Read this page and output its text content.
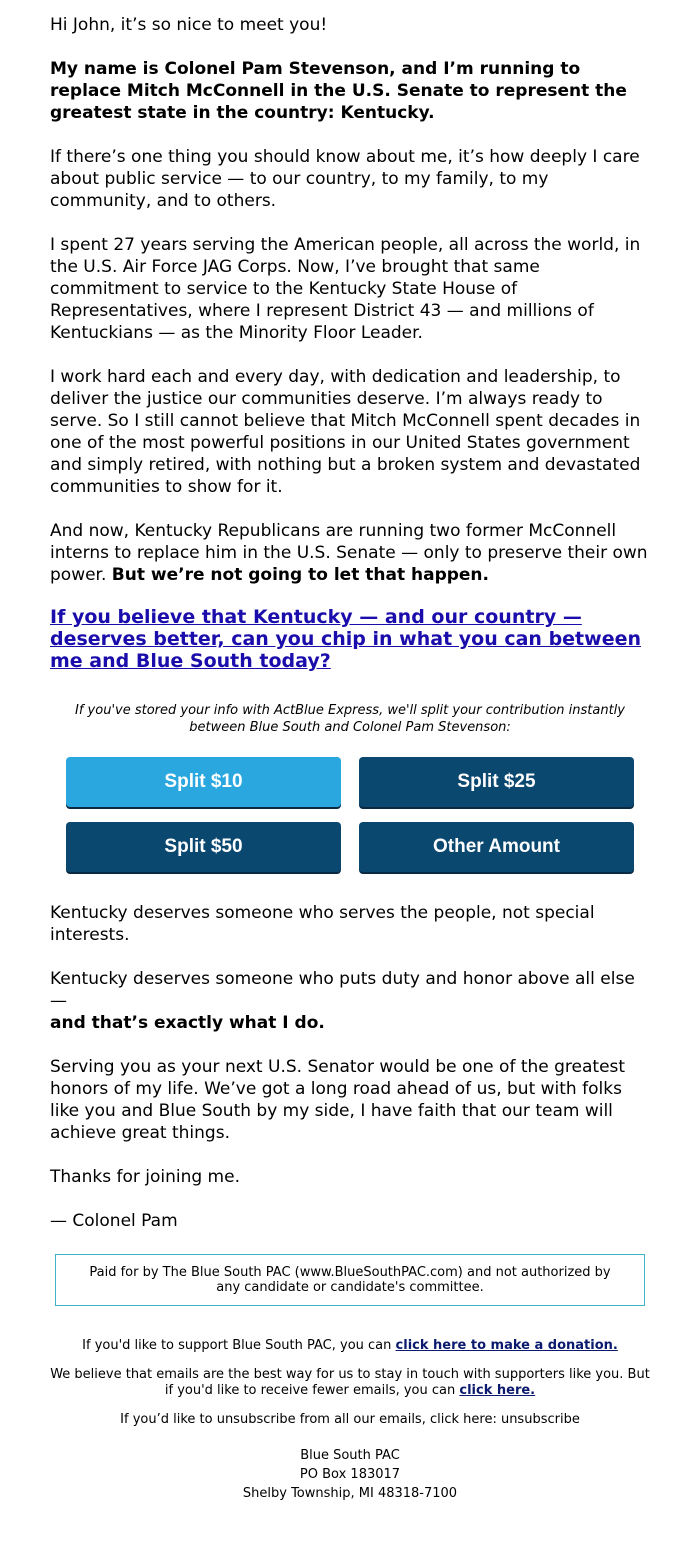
Hi John, it’s so nice to meet you!

My name is Colonel Pam Stevenson, and I’m running to replace Mitch McConnell in the U.S. Senate to represent the greatest state in the country: Kentucky.

If there’s one thing you should know about me, it’s how deeply I care about public service — to our country, to my family, to my community, and to others.

I spent 27 years serving the American people, all across the world, in the U.S. Air Force JAG Corps. Now, I’ve brought that same commitment to service to the Kentucky State House of Representatives, where I represent District 43 — and millions of Kentuckians — as the Minority Floor Leader.

I work hard each and every day, with dedication and leadership, to deliver the justice our communities deserve. I’m always ready to serve. So I still cannot believe that Mitch McConnell spent decades in one of the most powerful positions in our United States government and simply retired, with nothing but a broken system and devastated communities to show for it.

And now, Kentucky Republicans are running two former McConnell interns to replace him in the U.S. Senate — only to preserve their own power. But we’re not going to let that happen.

If you believe that Kentucky — and our country — deserves better, can you chip in what you can between me and Blue South today?

If you've stored your info with ActBlue Express, we'll split your contribution instantly between Blue South and Colonel Pam Stevenson:

Split $10	Split $25
Split $50	Other Amount

Kentucky deserves someone who serves the people, not special interests.

Kentucky deserves someone who puts duty and honor above all else —
and that’s exactly what I do.

Serving you as your next U.S. Senator would be one of the greatest honors of my life. We’ve got a long road ahead of us, but with folks like you and Blue South by my side, I have faith that our team will achieve great things.

Thanks for joining me.

— Colonel Pam

Paid for by The Blue South PAC (www.BlueSouthPAC.com) and not authorized by any candidate or candidate's committee.

If you'd like to support Blue South PAC, you can click here to make a donation.

We believe that emails are the best way for us to stay in touch with supporters like you. But if you'd like to receive fewer emails, you can click here.

If you’d like to unsubscribe from all our emails, click here: unsubscribe

Blue South PAC
PO Box 183017
Shelby Township, MI 48318-7100
